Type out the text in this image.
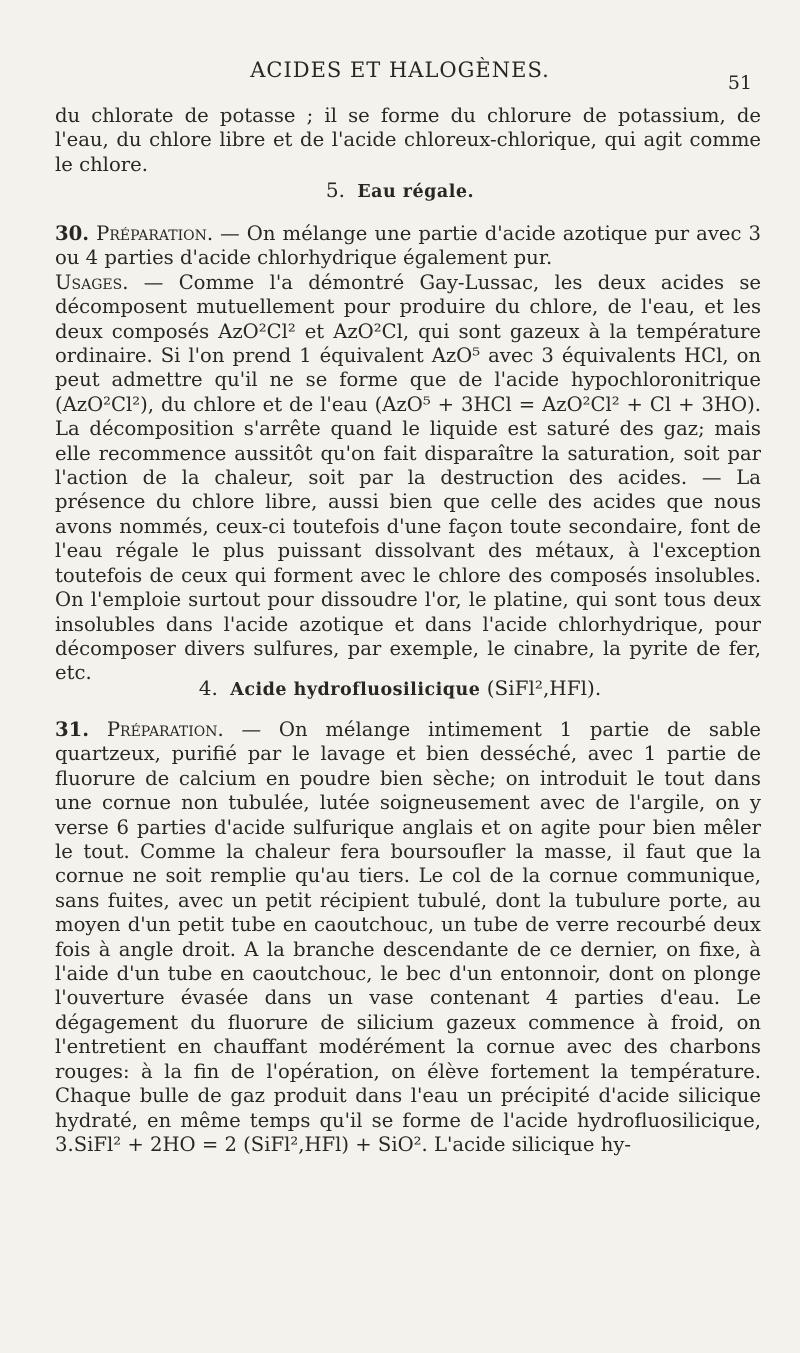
ACIDES ET HALOGÈNES.
51

du chlorate de potasse ; il se forme du chlorure de potassium, de l'eau, du chlore libre et de l'acide chloreux-chlorique, qui agit comme le chlore.

5. Eau régale.

30. Préparation. — On mélange une partie d'acide azotique pur avec 3 ou 4 parties d'acide chlorhydrique également pur.
Usages. — Comme l'a démontré Gay-Lussac, les deux acides se décomposent mutuellement pour produire du chlore, de l'eau, et les deux composés AzO²Cl² et AzO²Cl, qui sont gazeux à la température ordinaire. Si l'on prend 1 équivalent AzO⁵ avec 3 équivalents HCl, on peut admettre qu'il ne se forme que de l'acide hypochloronitrique (AzO²Cl²), du chlore et de l'eau (AzO⁵ + 3HCl = AzO²Cl² + Cl + 3HO). La décomposition s'arrête quand le liquide est saturé des gaz; mais elle recommence aussitôt qu'on fait disparaître la saturation, soit par l'action de la chaleur, soit par la destruction des acides. — La présence du chlore libre, aussi bien que celle des acides que nous avons nommés, ceux-ci toutefois d'une façon toute secondaire, font de l'eau régale le plus puissant dissolvant des métaux, à l'exception toutefois de ceux qui forment avec le chlore des composés insolubles. On l'emploie surtout pour dissoudre l'or, le platine, qui sont tous deux insolubles dans l'acide azotique et dans l'acide chlorhydrique, pour décomposer divers sulfures, par exemple, le cinabre, la pyrite de fer, etc.

4. Acide hydrofluosilicique (SiFl²,HFl).

31. Préparation. — On mélange intimement 1 partie de sable quartzeux, purifié par le lavage et bien desséché, avec 1 partie de fluorure de calcium en poudre bien sèche; on introduit le tout dans une cornue non tubulée, lutée soigneusement avec de l'argile, on y verse 6 parties d'acide sulfurique anglais et on agite pour bien mêler le tout. Comme la chaleur fera boursoufler la masse, il faut que la cornue ne soit remplie qu'au tiers. Le col de la cornue communique, sans fuites, avec un petit récipient tubulé, dont la tubulure porte, au moyen d'un petit tube en caoutchouc, un tube de verre recourbé deux fois à angle droit. A la branche descendante de ce dernier, on fixe, à l'aide d'un tube en caoutchouc, le bec d'un entonnoir, dont on plonge l'ouverture évasée dans un vase contenant 4 parties d'eau. Le dégagement du fluorure de silicium gazeux commence à froid, on l'entretient en chauffant modérément la cornue avec des charbons rouges: à la fin de l'opération, on élève fortement la température. Chaque bulle de gaz produit dans l'eau un précipité d'acide silicique hydraté, en même temps qu'il se forme de l'acide hydrofluosilicique, 3.SiFl² + 2HO = 2 (SiFl²,HFl) + SiO². L'acide silicique hy-
